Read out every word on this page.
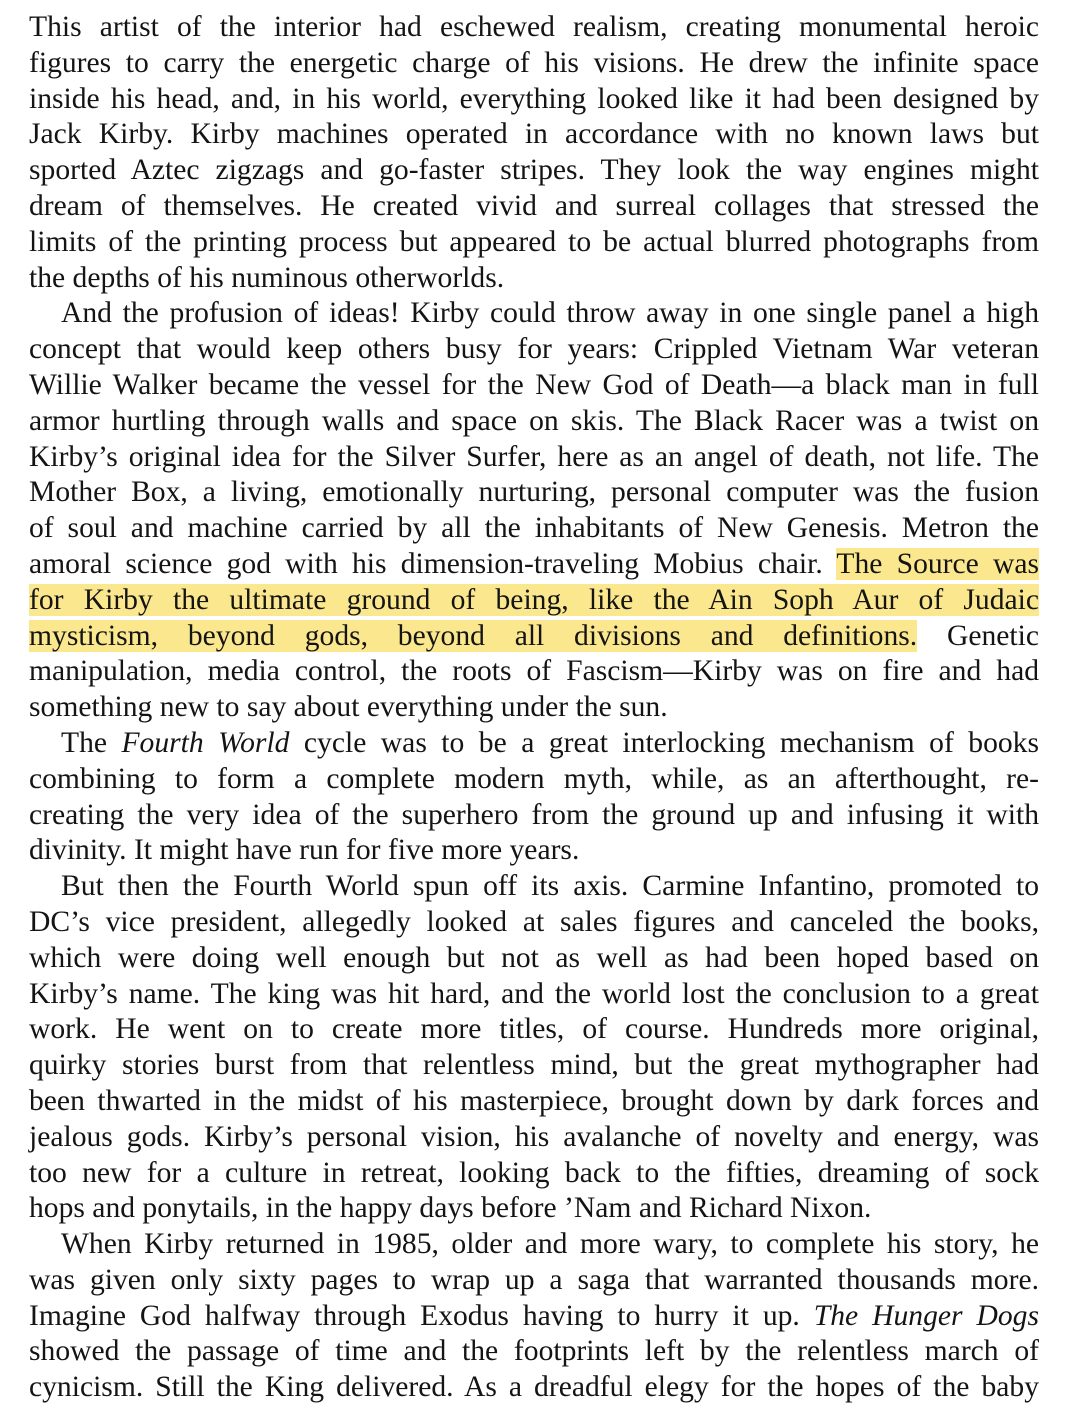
This artist of the interior had eschewed realism, creating monumental heroic
figures to carry the energetic charge of his visions. He drew the infinite space
inside his head, and, in his world, everything looked like it had been designed by
Jack Kirby. Kirby machines operated in accordance with no known laws but
sported Aztec zigzags and go-faster stripes. They look the way engines might
dream of themselves. He created vivid and surreal collages that stressed the
limits of the printing process but appeared to be actual blurred photographs from
the depths of his numinous otherworlds.
And the profusion of ideas! Kirby could throw away in one single panel a high
concept that would keep others busy for years: Crippled Vietnam War veteran
Willie Walker became the vessel for the New God of Death—a black man in full
armor hurtling through walls and space on skis. The Black Racer was a twist on
Kirby’s original idea for the Silver Surfer, here as an angel of death, not life. The
Mother Box, a living, emotionally nurturing, personal computer was the fusion
of soul and machine carried by all the inhabitants of New Genesis. Metron the
amoral science god with his dimension-traveling Mobius chair. The Source was
for Kirby the ultimate ground of being, like the Ain Soph Aur of Judaic
mysticism, beyond gods, beyond all divisions and definitions. Genetic
manipulation, media control, the roots of Fascism—Kirby was on fire and had
something new to say about everything under the sun.
The Fourth World cycle was to be a great interlocking mechanism of books
combining to form a complete modern myth, while, as an afterthought, re-
creating the very idea of the superhero from the ground up and infusing it with
divinity. It might have run for five more years.
But then the Fourth World spun off its axis. Carmine Infantino, promoted to
DC’s vice president, allegedly looked at sales figures and canceled the books,
which were doing well enough but not as well as had been hoped based on
Kirby’s name. The king was hit hard, and the world lost the conclusion to a great
work. He went on to create more titles, of course. Hundreds more original,
quirky stories burst from that relentless mind, but the great mythographer had
been thwarted in the midst of his masterpiece, brought down by dark forces and
jealous gods. Kirby’s personal vision, his avalanche of novelty and energy, was
too new for a culture in retreat, looking back to the fifties, dreaming of sock
hops and ponytails, in the happy days before ’Nam and Richard Nixon.
When Kirby returned in 1985, older and more wary, to complete his story, he
was given only sixty pages to wrap up a saga that warranted thousands more.
Imagine God halfway through Exodus having to hurry it up. The Hunger Dogs
showed the passage of time and the footprints left by the relentless march of
cynicism. Still the King delivered. As a dreadful elegy for the hopes of the baby
